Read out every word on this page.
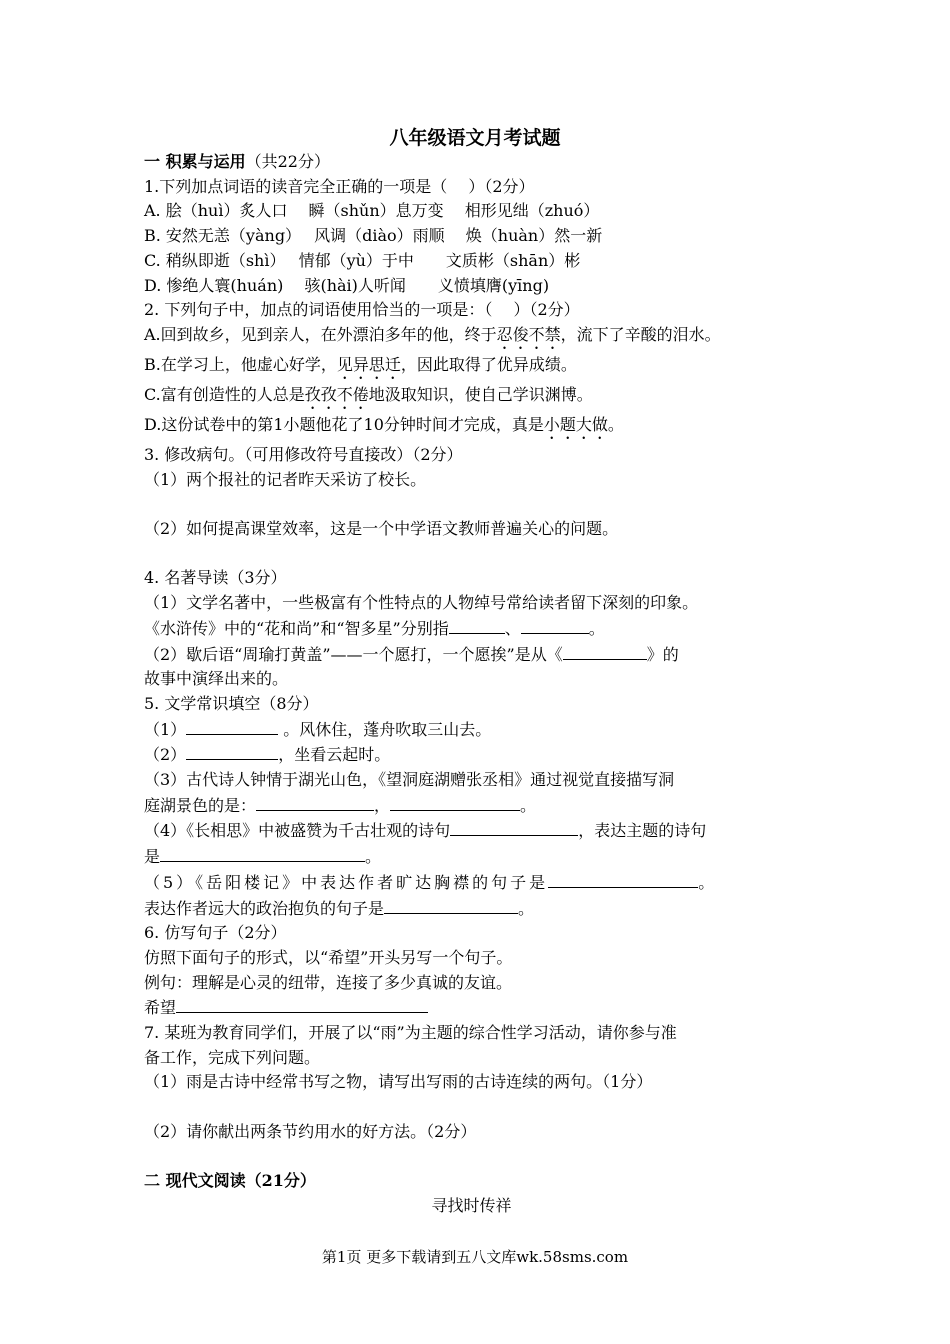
八年级语文月考试题
一 积累与运用（共22分）
1.下列加点词语的读音完全正确的一项是（　 ）（2分）
A. 脍（huì）炙人口　 瞬（shǔn）息万变　 相形见绌（zhuó）
B. 安然无恙（yàng）　 风调（diào）雨顺　 焕（huàn）然一新
C. 稍纵即逝（shì）　 情郁（yù）于中　　文质彬（shān）彬
D. 惨绝人寰(huán)　 骇(hài)人听闻　　义愤填膺(yīng)
2. 下列句子中，加点的词语使用恰当的一项是：（　 ）（2分）
A.回到故乡，见到亲人，在外漂泊多年的他，终于忍俊不禁，流下了辛酸的泪水。
B.在学习上，他虚心好学，见异思迁，因此取得了优异成绩。
C.富有创造性的人总是孜孜不倦地汲取知识，使自己学识渊博。
D.这份试卷中的第1小题他花了10分钟时间才完成，真是小题大做。
3. 修改病句。（可用修改符号直接改）（2分）
（1）两个报社的记者昨天采访了校长。
（2）如何提高课堂效率，这是一个中学语文教师普遍关心的问题。
4. 名著导读（3分）
（1）文学名著中，一些极富有个性特点的人物绰号常给读者留下深刻的印象。
《水浒传》中的“花和尚”和“智多星”分别指	、	。
（2）歇后语“周瑜打黄盖”——一个愿打，一个愿挨”是从《	》的
故事中演绎出来的。
5. 文学常识填空（8分）
（1）	。风休住，蓬舟吹取三山去。
（2）	，坐看云起时。
（3）古代诗人钟情于湖光山色，《望洞庭湖赠张丞相》通过视觉直接描写洞
庭湖景色的是：	，	。
（4）《长相思》中被盛赞为千古壮观的诗句	，表达主题的诗句
是	。
（5）《岳阳楼记》中表达作者旷达胸襟的句子是	。
表达作者远大的政治抱负的句子是	。
6. 仿写句子（2分）
仿照下面句子的形式，以“希望”开头另写一个句子。
例句：理解是心灵的纽带，连接了多少真诚的友谊。
希望
7. 某班为教育同学们，开展了以“雨”为主题的综合性学习活动，请你参与准
备工作，完成下列问题。
（1）雨是古诗中经常书写之物，请写出写雨的古诗连续的两句。（1分）
（2）请你献出两条节约用水的好方法。（2分）
二 现代文阅读（21分）
寻找时传祥
第1页 更多下载请到五八文库wk.58sms.com
